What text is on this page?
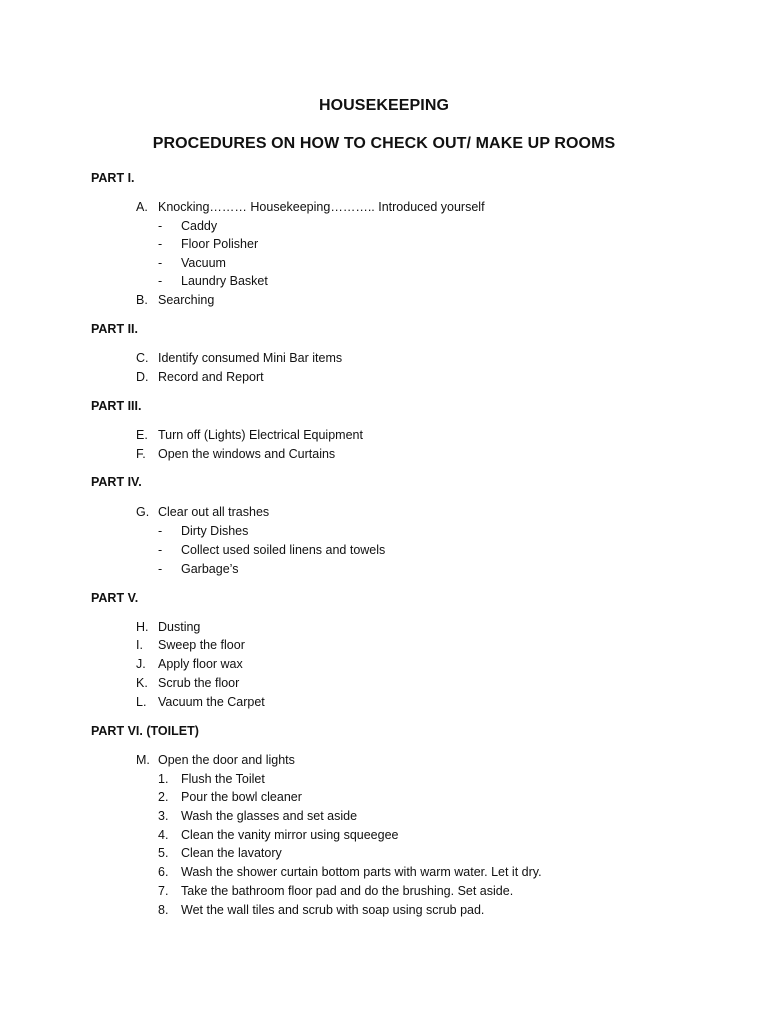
HOUSEKEEPING
PROCEDURES ON HOW TO CHECK OUT/ MAKE UP ROOMS
PART I.
A. Knocking……… Housekeeping……….. Introduced yourself
-	Caddy
-	Floor Polisher
-	Vacuum
-	Laundry Basket
B. Searching
PART II.
C. Identify consumed Mini Bar items
D. Record and Report
PART III.
E. Turn off (Lights) Electrical Equipment
F. Open the windows and Curtains
PART IV.
G. Clear out all trashes
-	Dirty Dishes
-	Collect used soiled linens and towels
-	Garbage’s
PART V.
H. Dusting
I.	Sweep the floor
J. Apply floor wax
K. Scrub the floor
L. Vacuum the Carpet
PART VI. (TOILET)
M. Open the door and lights
1.	Flush the Toilet
2.	Pour the bowl cleaner
3.	Wash the glasses and set aside
4.	Clean the vanity mirror using squeegee
5.	Clean the lavatory
6.	Wash the shower curtain bottom parts with warm water. Let it dry.
7.	Take the bathroom floor pad and do the brushing. Set aside.
8.	Wet the wall tiles and scrub with soap using scrub pad.
